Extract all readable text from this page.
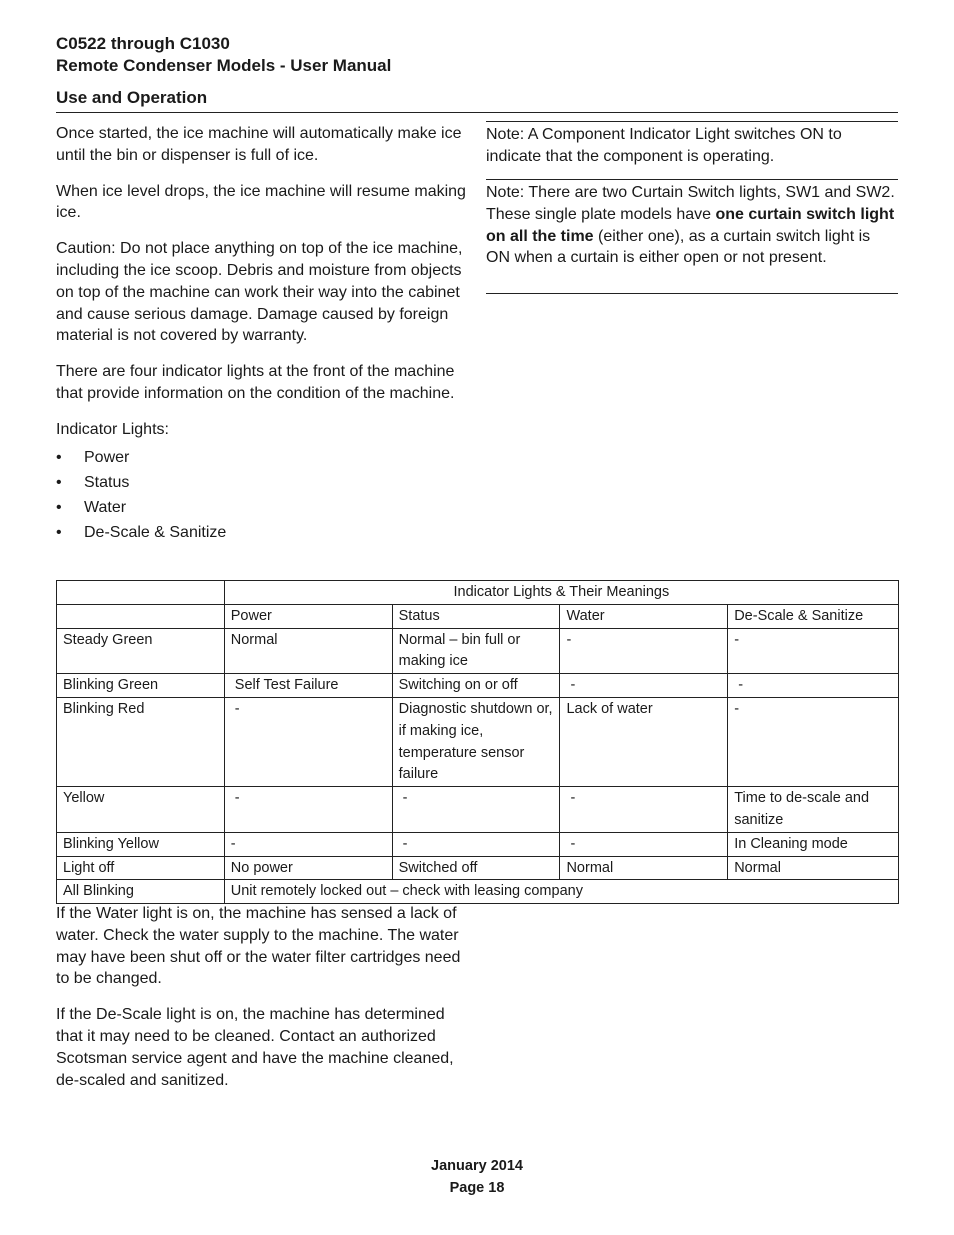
C0522 through C1030
Remote Condenser Models - User Manual
Use and Operation

Once started, the ice machine will automatically make ice until the bin or dispenser is full of ice.

When ice level drops, the ice machine will resume making ice.

Caution: Do not place anything on top of the ice machine, including the ice scoop. Debris and moisture from objects on top of the machine can work their way into the cabinet and cause serious damage. Damage caused by foreign material is not covered by warranty.

There are four indicator lights at the front of the machine that provide information on the condition of the machine.

Indicator Lights:

• Power
• Status
• Water
• De-Scale & Sanitize
Note: A Component Indicator Light switches ON to indicate that the component is operating.
Note: There are two Curtain Switch lights, SW1 and SW2. These single plate models have one curtain switch light on all the time (either one), as a curtain switch light is ON when a curtain is either open or not present.
	Indicator Lights & Their Meanings			
	Power	Status	Water	De-Scale & Sanitize
Steady Green	Normal	Normal – bin full or making ice	-	-
Blinking Green	Self Test Failure	Switching on or off	-	-
Blinking Red	-	Diagnostic shutdown or, if making ice, temperature sensor failure	Lack of water	-
Yellow	-	-	-	Time to de-scale and sanitize
Blinking Yellow	-	-	-	In Cleaning mode
Light off	No power	Switched off	Normal	Normal
All Blinking	Unit remotely locked out – check with leasing company			

If the Water light is on, the machine has sensed a lack of water. Check the water supply to the machine. The water may have been shut off or the water filter cartridges need to be changed.

If the De-Scale light is on, the machine has determined that it may need to be cleaned. Contact an authorized Scotsman service agent and have the machine cleaned, de-scaled and sanitized.

January 2014
Page 18
